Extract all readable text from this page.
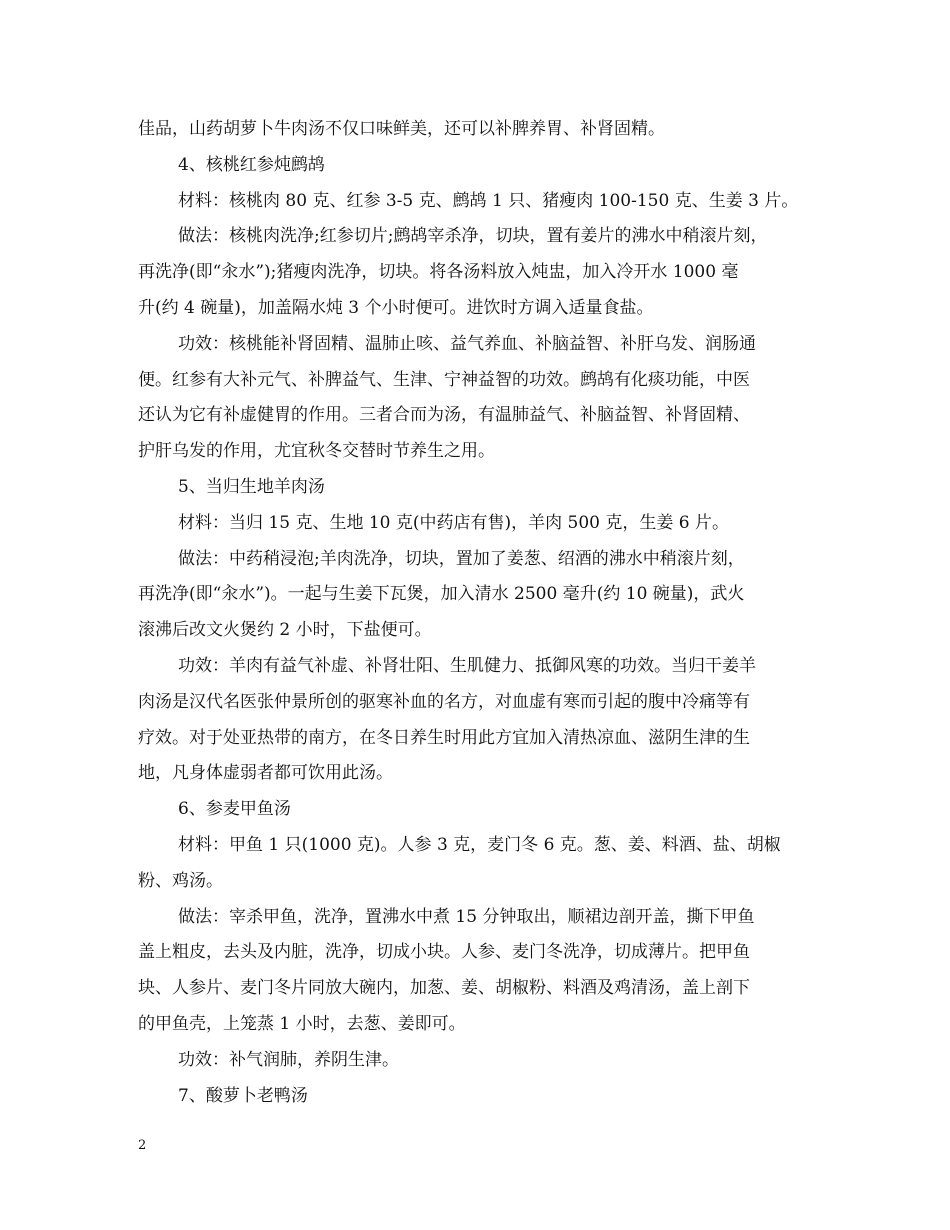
佳品，山药胡萝卜牛肉汤不仅口味鲜美，还可以补脾养胃、补肾固精。
4、核桃红参炖鹧鸪
材料：核桃肉 80 克、红参 3-5 克、鹧鸪 1 只、猪瘦肉 100-150 克、生姜 3 片。
做法：核桃肉洗净;红参切片;鹧鸪宰杀净，切块，置有姜片的沸水中稍滚片刻，
再洗净(即“汆水”);猪瘦肉洗净，切块。将各汤料放入炖盅，加入冷开水 1000 毫
升(约 4 碗量)，加盖隔水炖 3 个小时便可。进饮时方调入适量食盐。
功效：核桃能补肾固精、温肺止咳、益气养血、补脑益智、补肝乌发、润肠通
便。红参有大补元气、补脾益气、生津、宁神益智的功效。鹧鸪有化痰功能，中医
还认为它有补虚健胃的作用。三者合而为汤，有温肺益气、补脑益智、补肾固精、
护肝乌发的作用，尤宜秋冬交替时节养生之用。
5、当归生地羊肉汤
材料：当归 15 克、生地 10 克(中药店有售)，羊肉 500 克，生姜 6 片。
做法：中药稍浸泡;羊肉洗净，切块，置加了姜葱、绍酒的沸水中稍滚片刻，
再洗净(即“汆水”)。一起与生姜下瓦煲，加入清水 2500 毫升(约 10 碗量)，武火
滚沸后改文火煲约 2 小时，下盐便可。
功效：羊肉有益气补虚、补肾壮阳、生肌健力、抵御风寒的功效。当归干姜羊
肉汤是汉代名医张仲景所创的驱寒补血的名方，对血虚有寒而引起的腹中冷痛等有
疗效。对于处亚热带的南方，在冬日养生时用此方宜加入清热凉血、滋阴生津的生
地，凡身体虚弱者都可饮用此汤。
6、参麦甲鱼汤
材料：甲鱼 1 只(1000 克)。人参 3 克，麦门冬 6 克。葱、姜、料酒、盐、胡椒
粉、鸡汤。
做法：宰杀甲鱼，洗净，置沸水中煮 15 分钟取出，顺裙边剖开盖，撕下甲鱼
盖上粗皮，去头及内脏，洗净，切成小块。人参、麦门冬洗净，切成薄片。把甲鱼
块、人参片、麦门冬片同放大碗内，加葱、姜、胡椒粉、料酒及鸡清汤，盖上剖下
的甲鱼壳，上笼蒸 1 小时，去葱、姜即可。
功效：补气润肺，养阴生津。
7、酸萝卜老鸭汤
2
